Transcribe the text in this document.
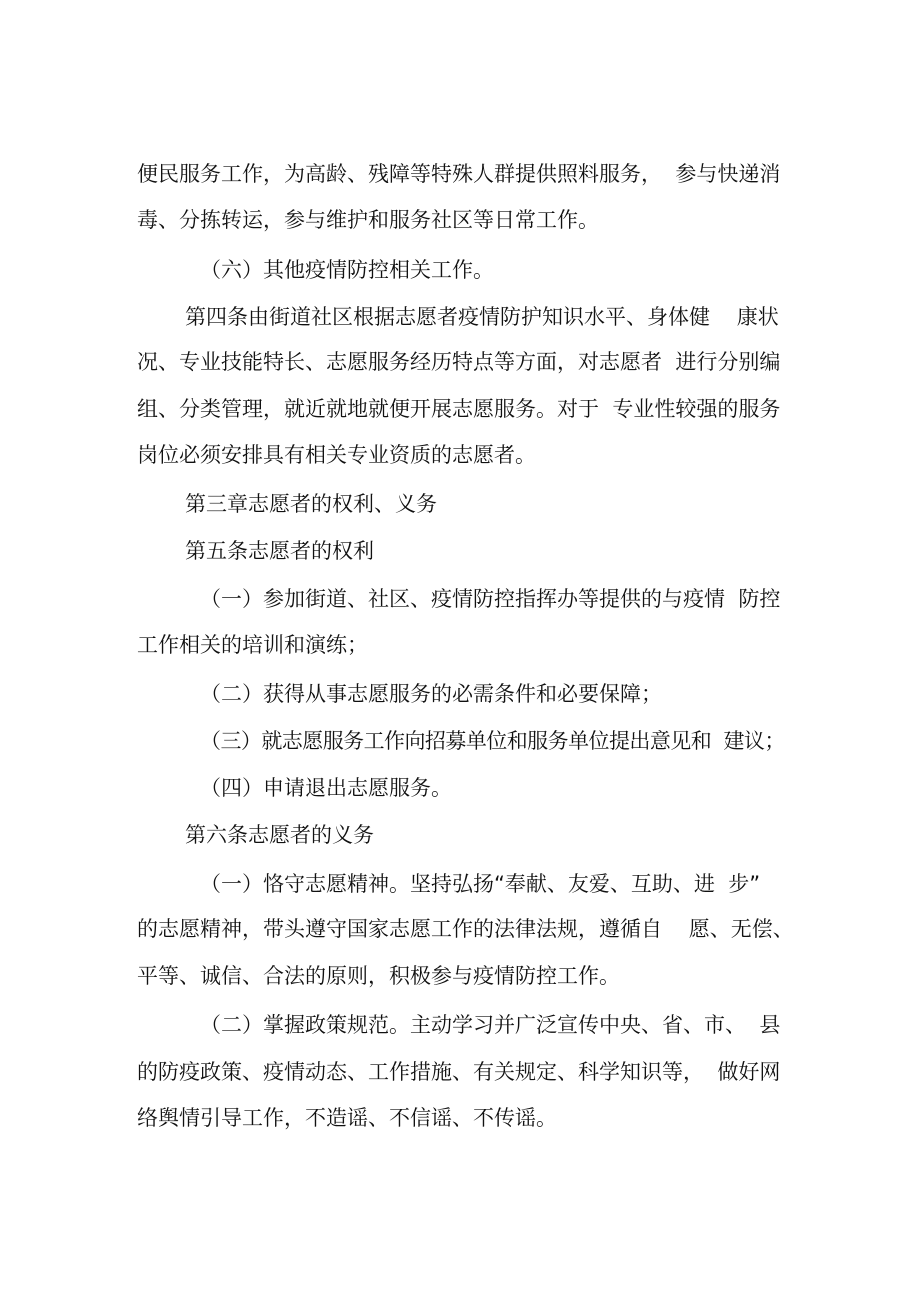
便民服务工作，为高龄、残障等特殊人群提供照料服务，  参与快递消
毒、分拣转运，参与维护和服务社区等日常工作。
（六）其他疫情防控相关工作。
第四条由街道社区根据志愿者疫情防护知识水平、身体健    康状
况、专业技能特长、志愿服务经历特点等方面，对志愿者  进行分别编
组、分类管理，就近就地就便开展志愿服务。对于  专业性较强的服务
岗位必须安排具有相关专业资质的志愿者。
第三章志愿者的权利、义务
第五条志愿者的权利
（一）参加街道、社区、疫情防控指挥办等提供的与疫情  防控
工作相关的培训和演练；
（二）获得从事志愿服务的必需条件和必要保障；
（三）就志愿服务工作向招募单位和服务单位提出意见和  建议；
（四）申请退出志愿服务。
第六条志愿者的义务
（一）恪守志愿精神。坚持弘扬“奉献、友爱、互助、进  步”
的志愿精神，带头遵守国家志愿工作的法律法规，遵循自    愿、无偿、
平等、诚信、合法的原则，积极参与疫情防控工作。
（二）掌握政策规范。主动学习并广泛宣传中央、省、市、  县
的防疫政策、疫情动态、工作措施、有关规定、科学知识等，  做好网
络舆情引导工作，不造谣、不信谣、不传谣。
